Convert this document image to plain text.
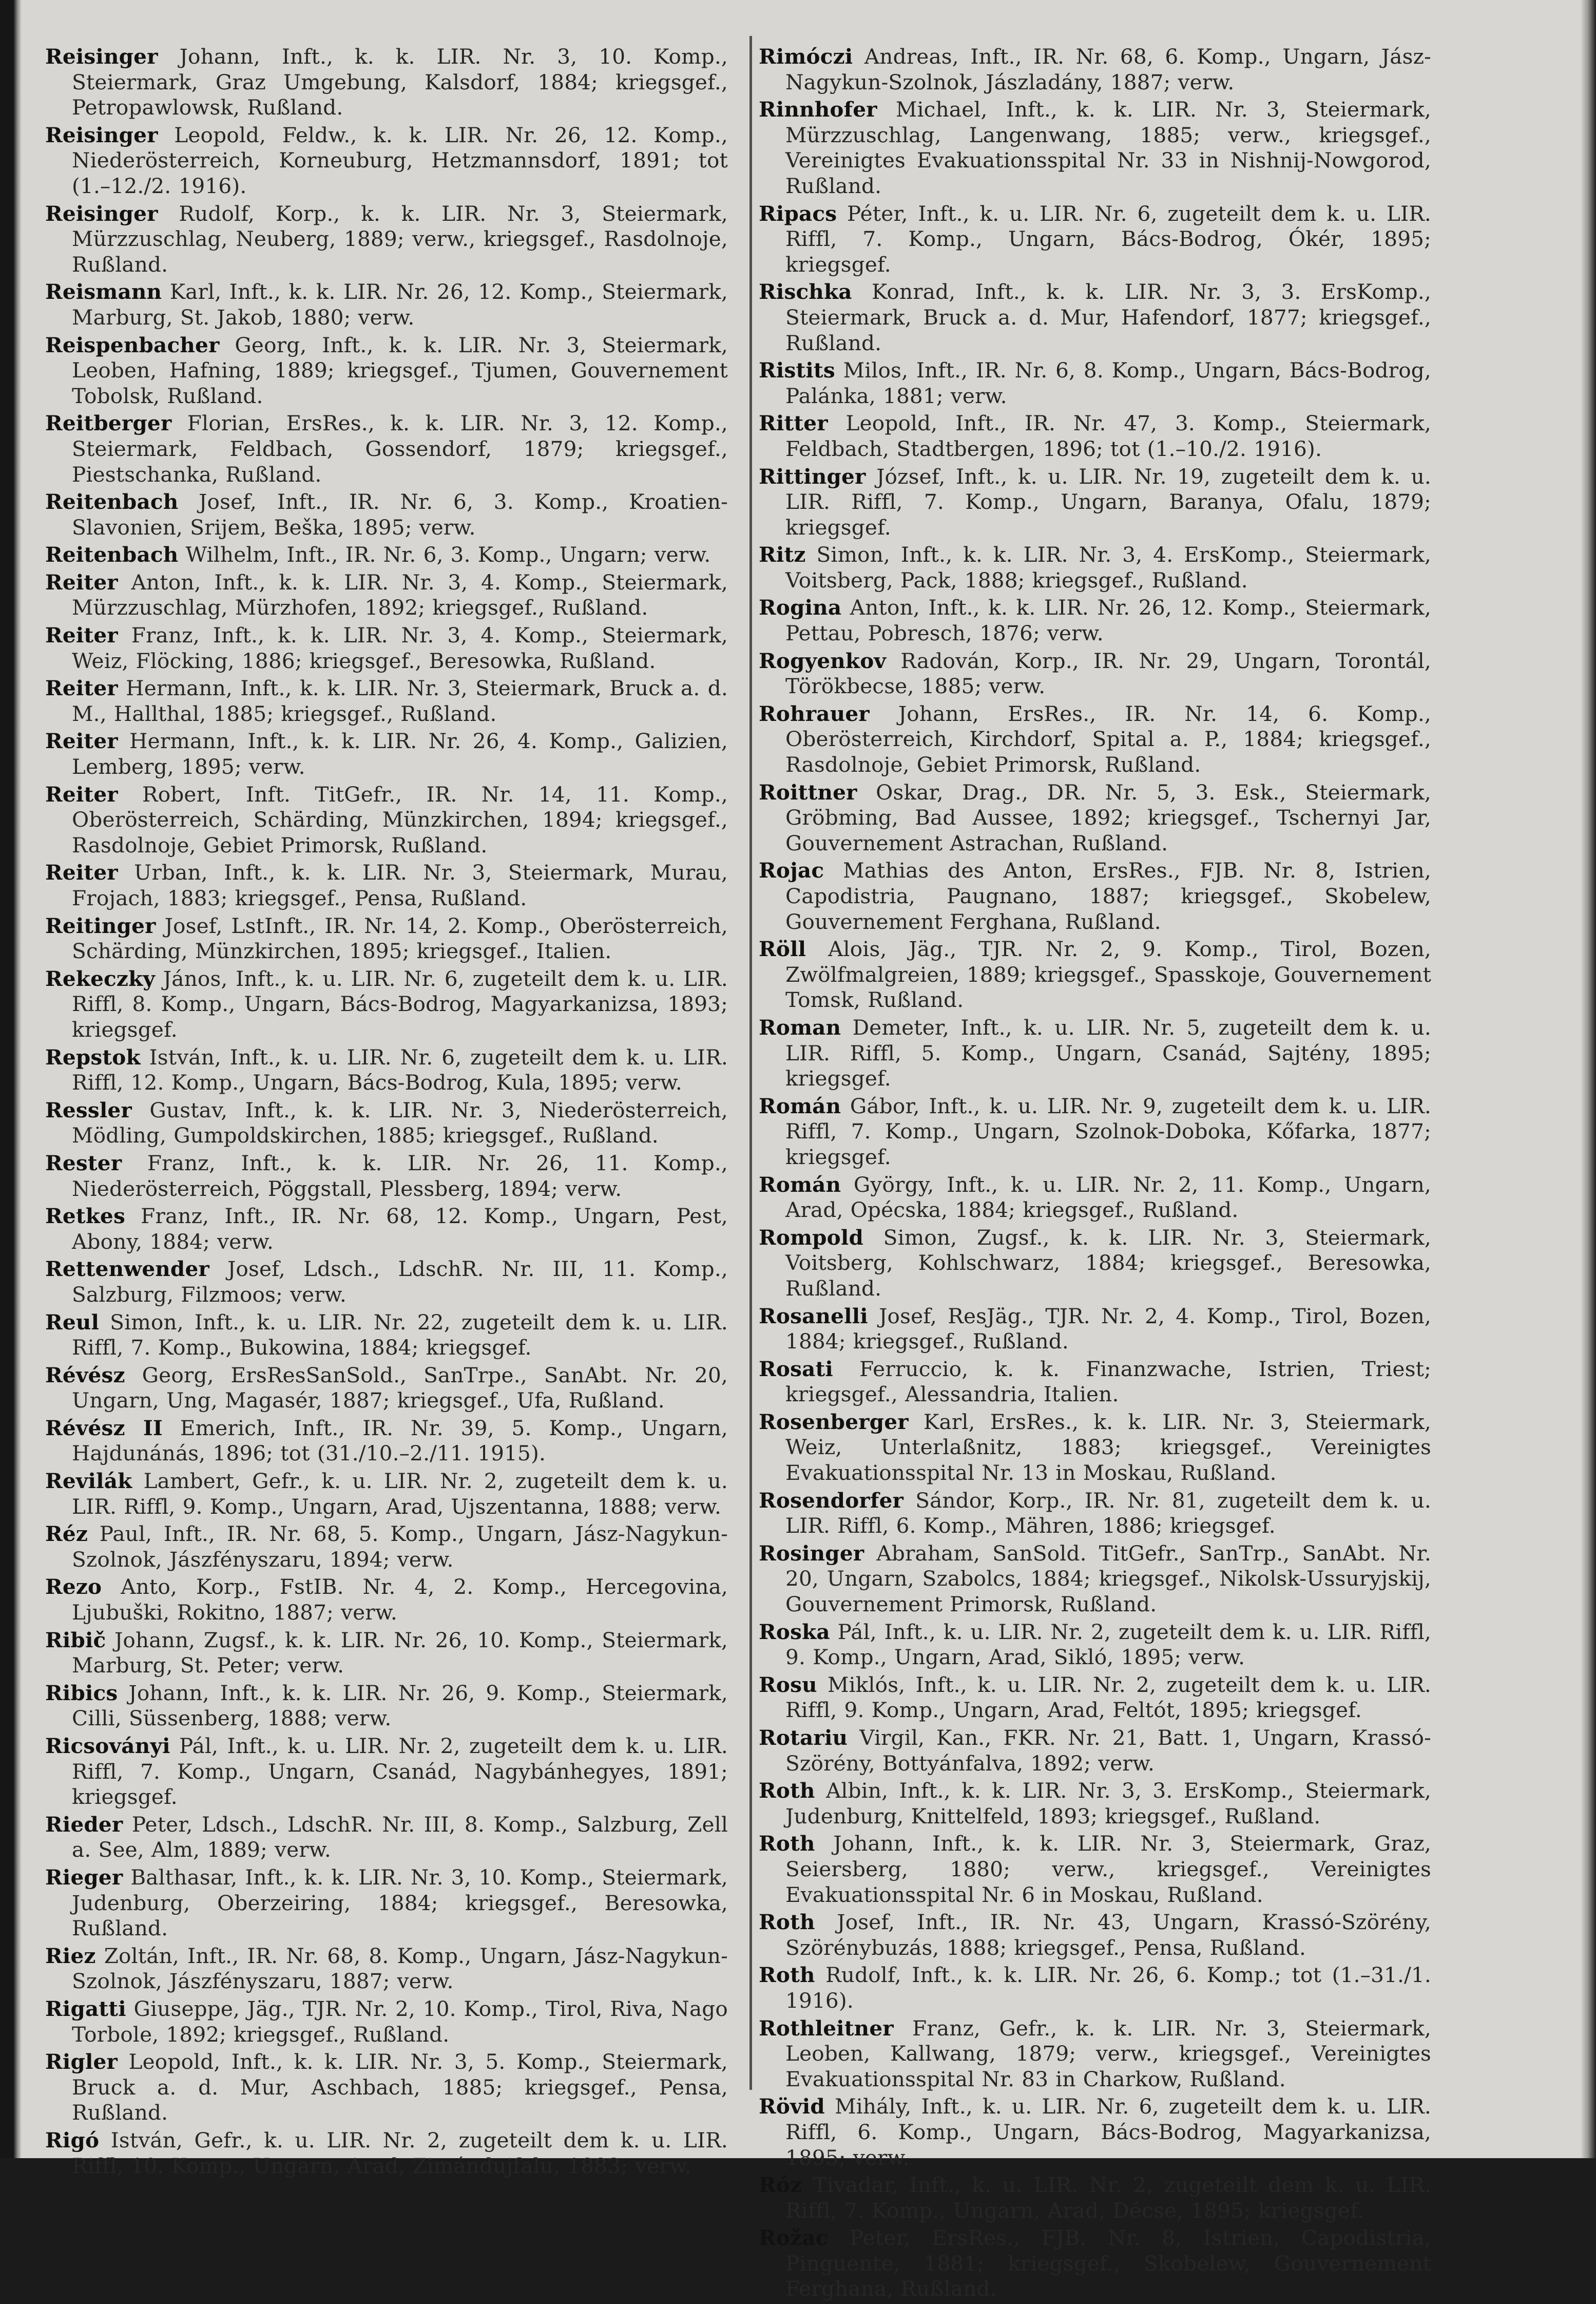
Reisinger Johann, Inft., k. k. LIR. Nr. 3, 10. Komp., Steiermark, Graz Umgebung, Kalsdorf, 1884; kriegsgef., Petropawlowsk, Rußland.

Reisinger Leopold, Feldw., k. k. LIR. Nr. 26, 12. Komp., Niederösterreich, Korneuburg, Hetzmannsdorf, 1891; tot (1.–12./2. 1916).

Reisinger Rudolf, Korp., k. k. LIR. Nr. 3, Steiermark, Mürzzuschlag, Neuberg, 1889; verw., kriegsgef., Rasdolnoje, Rußland.

Reismann Karl, Inft., k. k. LIR. Nr. 26, 12. Komp., Steiermark, Marburg, St. Jakob, 1880; verw.

Reispenbacher Georg, Inft., k. k. LIR. Nr. 3, Steiermark, Leoben, Hafning, 1889; kriegsgef., Tjumen, Gouvernement Tobolsk, Rußland.

Reitberger Florian, ErsRes., k. k. LIR. Nr. 3, 12. Komp., Steiermark, Feldbach, Gossendorf, 1879; kriegsgef., Piestschanka, Rußland.

Reitenbach Josef, Inft., IR. Nr. 6, 3. Komp., Kroatien-Slavonien, Srijem, Beška, 1895; verw.

Reitenbach Wilhelm, Inft., IR. Nr. 6, 3. Komp., Ungarn; verw.

Reiter Anton, Inft., k. k. LIR. Nr. 3, 4. Komp., Steiermark, Mürzzuschlag, Mürzhofen, 1892; kriegsgef., Rußland.

Reiter Franz, Inft., k. k. LIR. Nr. 3, 4. Komp., Steiermark, Weiz, Flöcking, 1886; kriegsgef., Beresowka, Rußland.

Reiter Hermann, Inft., k. k. LIR. Nr. 3, Steiermark, Bruck a. d. M., Hallthal, 1885; kriegsgef., Rußland.

Reiter Hermann, Inft., k. k. LIR. Nr. 26, 4. Komp., Galizien, Lemberg, 1895; verw.

Reiter Robert, Inft. TitGefr., IR. Nr. 14, 11. Komp., Oberösterreich, Schärding, Münzkirchen, 1894; kriegsgef., Rasdolnoje, Gebiet Primorsk, Rußland.

Reiter Urban, Inft., k. k. LIR. Nr. 3, Steiermark, Murau, Frojach, 1883; kriegsgef., Pensa, Rußland.

Reitinger Josef, LstInft., IR. Nr. 14, 2. Komp., Oberösterreich, Schärding, Münzkirchen, 1895; kriegsgef., Italien.

Rekeczky János, Inft., k. u. LIR. Nr. 6, zugeteilt dem k. u. LIR. Riffl, 8. Komp., Ungarn, Bács-Bodrog, Magyarkanizsa, 1893; kriegsgef.

Repstok István, Inft., k. u. LIR. Nr. 6, zugeteilt dem k. u. LIR. Riffl, 12. Komp., Ungarn, Bács-Bodrog, Kula, 1895; verw.

Ressler Gustav, Inft., k. k. LIR. Nr. 3, Niederösterreich, Mödling, Gumpoldskirchen, 1885; kriegsgef., Rußland.

Rester Franz, Inft., k. k. LIR. Nr. 26, 11. Komp., Niederösterreich, Pöggstall, Plessberg, 1894; verw.

Retkes Franz, Inft., IR. Nr. 68, 12. Komp., Ungarn, Pest, Abony, 1884; verw.

Rettenwender Josef, Ldsch., LdschR. Nr. III, 11. Komp., Salzburg, Filzmoos; verw.

Reul Simon, Inft., k. u. LIR. Nr. 22, zugeteilt dem k. u. LIR. Riffl, 7. Komp., Bukowina, 1884; kriegsgef.

Révész Georg, ErsResSanSold., SanTrpe., SanAbt. Nr. 20, Ungarn, Ung, Magasér, 1887; kriegsgef., Ufa, Rußland.

Révész II Emerich, Inft., IR. Nr. 39, 5. Komp., Ungarn, Hajdunánás, 1896; tot (31./10.–2./11. 1915).

Revilák Lambert, Gefr., k. u. LIR. Nr. 2, zugeteilt dem k. u. LIR. Riffl, 9. Komp., Ungarn, Arad, Ujszentanna, 1888; verw.

Réz Paul, Inft., IR. Nr. 68, 5. Komp., Ungarn, Jász-Nagykun-Szolnok, Jászfényszaru, 1894; verw.

Rezo Anto, Korp., FstIB. Nr. 4, 2. Komp., Hercegovina, Ljubuški, Rokitno, 1887; verw.

Ribič Johann, Zugsf., k. k. LIR. Nr. 26, 10. Komp., Steiermark, Marburg, St. Peter; verw.

Ribics Johann, Inft., k. k. LIR. Nr. 26, 9. Komp., Steiermark, Cilli, Süssenberg, 1888; verw.

Ricsoványi Pál, Inft., k. u. LIR. Nr. 2, zugeteilt dem k. u. LIR. Riffl, 7. Komp., Ungarn, Csanád, Nagybánhegyes, 1891; kriegsgef.

Rieder Peter, Ldsch., LdschR. Nr. III, 8. Komp., Salzburg, Zell a. See, Alm, 1889; verw.

Rieger Balthasar, Inft., k. k. LIR. Nr. 3, 10. Komp., Steiermark, Judenburg, Oberzeiring, 1884; kriegsgef., Beresowka, Rußland.

Riez Zoltán, Inft., IR. Nr. 68, 8. Komp., Ungarn, Jász-Nagykun-Szolnok, Jászfényszaru, 1887; verw.

Rigatti Giuseppe, Jäg., TJR. Nr. 2, 10. Komp., Tirol, Riva, Nago Torbole, 1892; kriegsgef., Rußland.

Rigler Leopold, Inft., k. k. LIR. Nr. 3, 5. Komp., Steiermark, Bruck a. d. Mur, Aschbach, 1885; kriegsgef., Pensa, Rußland.

Rigó István, Gefr., k. u. LIR. Nr. 2, zugeteilt dem k. u. LIR. Riffl, 10. Komp., Ungarn, Arad, Zimándujfalu, 1883; verw.

Rimóczi Andreas, Inft., IR. Nr. 68, 6. Komp., Ungarn, Jász-Nagykun-Szolnok, Jászladány, 1887; verw.

Rinnhofer Michael, Inft., k. k. LIR. Nr. 3, Steiermark, Mürzzuschlag, Langenwang, 1885; verw., kriegsgef., Vereinigtes Evakuationsspital Nr. 33 in Nishnij-Nowgorod, Rußland.

Ripacs Péter, Inft., k. u. LIR. Nr. 6, zugeteilt dem k. u. LIR. Riffl, 7. Komp., Ungarn, Bács-Bodrog, Ókér, 1895; kriegsgef.

Rischka Konrad, Inft., k. k. LIR. Nr. 3, 3. ErsKomp., Steiermark, Bruck a. d. Mur, Hafendorf, 1877; kriegsgef., Rußland.

Ristits Milos, Inft., IR. Nr. 6, 8. Komp., Ungarn, Bács-Bodrog, Palánka, 1881; verw.

Ritter Leopold, Inft., IR. Nr. 47, 3. Komp., Steiermark, Feldbach, Stadtbergen, 1896; tot (1.–10./2. 1916).

Rittinger József, Inft., k. u. LIR. Nr. 19, zugeteilt dem k. u. LIR. Riffl, 7. Komp., Ungarn, Baranya, Ofalu, 1879; kriegsgef.

Ritz Simon, Inft., k. k. LIR. Nr. 3, 4. ErsKomp., Steiermark, Voitsberg, Pack, 1888; kriegsgef., Rußland.

Rogina Anton, Inft., k. k. LIR. Nr. 26, 12. Komp., Steiermark, Pettau, Pobresch, 1876; verw.

Rogyenkov Radován, Korp., IR. Nr. 29, Ungarn, Torontál, Törökbecse, 1885; verw.

Rohrauer Johann, ErsRes., IR. Nr. 14, 6. Komp., Oberösterreich, Kirchdorf, Spital a. P., 1884; kriegsgef., Rasdolnoje, Gebiet Primorsk, Rußland.

Roittner Oskar, Drag., DR. Nr. 5, 3. Esk., Steiermark, Gröbming, Bad Aussee, 1892; kriegsgef., Tschernyi Jar, Gouvernement Astrachan, Rußland.

Rojac Mathias des Anton, ErsRes., FJB. Nr. 8, Istrien, Capodistria, Paugnano, 1887; kriegsgef., Skobelew, Gouvernement Ferghana, Rußland.

Röll Alois, Jäg., TJR. Nr. 2, 9. Komp., Tirol, Bozen, Zwölfmalgreien, 1889; kriegsgef., Spasskoje, Gouvernement Tomsk, Rußland.

Roman Demeter, Inft., k. u. LIR. Nr. 5, zugeteilt dem k. u. LIR. Riffl, 5. Komp., Ungarn, Csanád, Sajtény, 1895; kriegsgef.

Román Gábor, Inft., k. u. LIR. Nr. 9, zugeteilt dem k. u. LIR. Riffl, 7. Komp., Ungarn, Szolnok-Doboka, Kőfarka, 1877; kriegsgef.

Román György, Inft., k. u. LIR. Nr. 2, 11. Komp., Ungarn, Arad, Opécska, 1884; kriegsgef., Rußland.

Rompold Simon, Zugsf., k. k. LIR. Nr. 3, Steiermark, Voitsberg, Kohlschwarz, 1884; kriegsgef., Beresowka, Rußland.

Rosanelli Josef, ResJäg., TJR. Nr. 2, 4. Komp., Tirol, Bozen, 1884; kriegsgef., Rußland.

Rosati Ferruccio, k. k. Finanzwache, Istrien, Triest; kriegsgef., Alessandria, Italien.

Rosenberger Karl, ErsRes., k. k. LIR. Nr. 3, Steiermark, Weiz, Unterlaßnitz, 1883; kriegsgef., Vereinigtes Evakuationsspital Nr. 13 in Moskau, Rußland.

Rosendorfer Sándor, Korp., IR. Nr. 81, zugeteilt dem k. u. LIR. Riffl, 6. Komp., Mähren, 1886; kriegsgef.

Rosinger Abraham, SanSold. TitGefr., SanTrp., SanAbt. Nr. 20, Ungarn, Szabolcs, 1884; kriegsgef., Nikolsk-Ussuryjskij, Gouvernement Primorsk, Rußland.

Roska Pál, Inft., k. u. LIR. Nr. 2, zugeteilt dem k. u. LIR. Riffl, 9. Komp., Ungarn, Arad, Sikló, 1895; verw.

Rosu Miklós, Inft., k. u. LIR. Nr. 2, zugeteilt dem k. u. LIR. Riffl, 9. Komp., Ungarn, Arad, Feltót, 1895; kriegsgef.

Rotariu Virgil, Kan., FKR. Nr. 21, Batt. 1, Ungarn, Krassó-Szörény, Bottyánfalva, 1892; verw.

Roth Albin, Inft., k. k. LIR. Nr. 3, 3. ErsKomp., Steiermark, Judenburg, Knittelfeld, 1893; kriegsgef., Rußland.

Roth Johann, Inft., k. k. LIR. Nr. 3, Steiermark, Graz, Seiersberg, 1880; verw., kriegsgef., Vereinigtes Evakuationsspital Nr. 6 in Moskau, Rußland.

Roth Josef, Inft., IR. Nr. 43, Ungarn, Krassó-Szörény, Szörénybuzás, 1888; kriegsgef., Pensa, Rußland.

Roth Rudolf, Inft., k. k. LIR. Nr. 26, 6. Komp.; tot (1.–31./1. 1916).

Rothleitner Franz, Gefr., k. k. LIR. Nr. 3, Steiermark, Leoben, Kallwang, 1879; verw., kriegsgef., Vereinigtes Evakuationsspital Nr. 83 in Charkow, Rußland.

Rövid Mihály, Inft., k. u. LIR. Nr. 6, zugeteilt dem k. u. LIR. Riffl, 6. Komp., Ungarn, Bács-Bodrog, Magyarkanizsa, 1895; verw.

Róz Tivadar, Inft., k. u. LIR. Nr. 2, zugeteilt dem k. u. LIR. Riffl, 7. Komp., Ungarn, Arad, Décse, 1895; kriegsgef.

Rožac Peter, ErsRes., FJB. Nr. 8, Istrien, Capodistria, Pinguente, 1881; kriegsgef., Skobelew, Gouvernement Ferghana, Rußland.
